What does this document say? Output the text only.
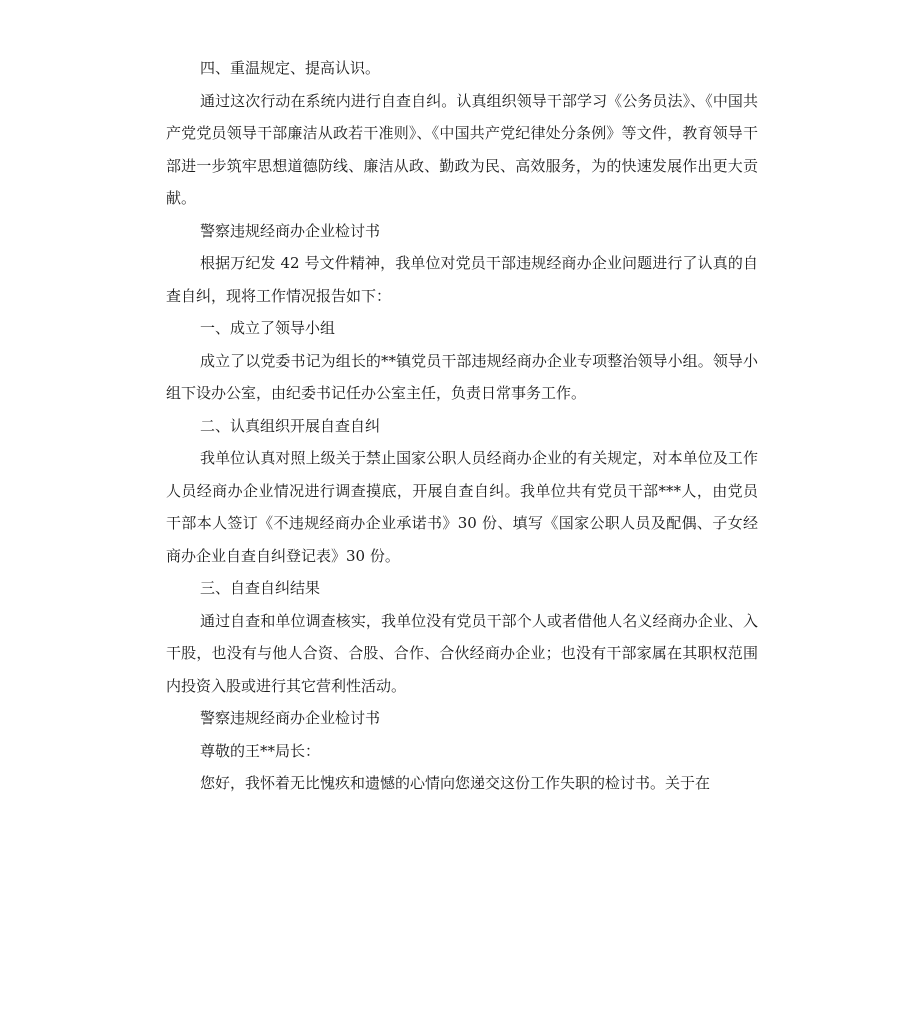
四、重温规定、提高认识。

通过这次行动在系统内进行自查自纠。认真组织领导干部学习《公务员法》、《中国共产党党员领导干部廉洁从政若干准则》、《中国共产党纪律处分条例》等文件，教育领导干部进一步筑牢思想道德防线、廉洁从政、勤政为民、高效服务，为的快速发展作出更大贡献。

警察违规经商办企业检讨书

根据万纪发 42 号文件精神，我单位对党员干部违规经商办企业问题进行了认真的自查自纠，现将工作情况报告如下：

一、成立了领导小组

成立了以党委书记为组长的**镇党员干部违规经商办企业专项整治领导小组。领导小组下设办公室，由纪委书记任办公室主任，负责日常事务工作。

二、认真组织开展自查自纠

我单位认真对照上级关于禁止国家公职人员经商办企业的有关规定，对本单位及工作人员经商办企业情况进行调查摸底，开展自查自纠。我单位共有党员干部***人，由党员干部本人签订《不违规经商办企业承诺书》30 份、填写《国家公职人员及配偶、子女经商办企业自查自纠登记表》30 份。

三、自查自纠结果

通过自查和单位调查核实，我单位没有党员干部个人或者借他人名义经商办企业、入干股，也没有与他人合资、合股、合作、合伙经商办企业；也没有干部家属在其职权范围内投资入股或进行其它营利性活动。

警察违规经商办企业检讨书

尊敬的王**局长：

您好，我怀着无比愧疚和遗憾的心情向您递交这份工作失职的检讨书。关于在
